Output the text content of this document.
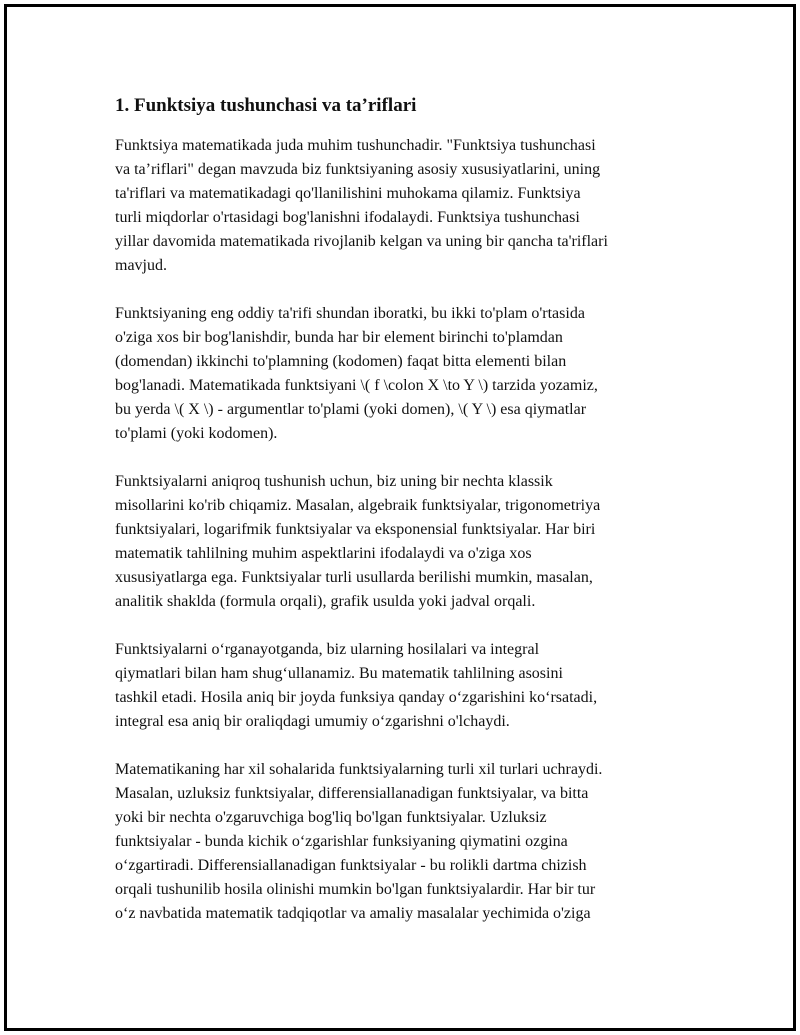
1. Funktsiya tushunchasi va ta’riflari

Funktsiya matematikada juda muhim tushunchadir. "Funktsiya tushunchasi
va ta’riflari" degan mavzuda biz funktsiyaning asosiy xususiyatlarini, uning
ta'riflari va matematikadagi qo'llanilishini muhokama qilamiz. Funktsiya
turli miqdorlar o'rtasidagi bog'lanishni ifodalaydi. Funktsiya tushunchasi
yillar davomida matematikada rivojlanib kelgan va uning bir qancha ta'riflari
mavjud.

Funktsiyaning eng oddiy ta'rifi shundan iboratki, bu ikki to'plam o'rtasida
o'ziga xos bir bog'lanishdir, bunda har bir element birinchi to'plamdan
(domendan) ikkinchi to'plamning (kodomen) faqat bitta elementi bilan
bog'lanadi. Matematikada funktsiyani \( f \colon X \to Y \) tarzida yozamiz,
bu yerda \( X \) - argumentlar to'plami (yoki domen), \( Y \) esa qiymatlar
to'plami (yoki kodomen).

Funktsiyalarni aniqroq tushunish uchun, biz uning bir nechta klassik
misollarini ko'rib chiqamiz. Masalan, algebraik funktsiyalar, trigonometriya
funktsiyalari, logarifmik funktsiyalar va eksponensial funktsiyalar. Har biri
matematik tahlilning muhim aspektlarini ifodalaydi va o'ziga xos
xususiyatlarga ega. Funktsiyalar turli usullarda berilishi mumkin, masalan,
analitik shaklda (formula orqali), grafik usulda yoki jadval orqali.

Funktsiyalarni o‘rganayotganda, biz ularning hosilalari va integral
qiymatlari bilan ham shug‘ullanamiz. Bu matematik tahlilning asosini
tashkil etadi. Hosila aniq bir joyda funksiya qanday o‘zgarishini ko‘rsatadi,
integral esa aniq bir oraliqdagi umumiy o‘zgarishni o'lchaydi.

Matematikaning har xil sohalarida funktsiyalarning turli xil turlari uchraydi.
Masalan, uzluksiz funktsiyalar, differensiallanadigan funktsiyalar, va bitta
yoki bir nechta o'zgaruvchiga bog'liq bo'lgan funktsiyalar. Uzluksiz
funktsiyalar - bunda kichik o‘zgarishlar funksiyaning qiymatini ozgina
o‘zgartiradi. Differensiallanadigan funktsiyalar - bu rolikli dartma chizish
orqali tushunilib hosila olinishi mumkin bo'lgan funktsiyalardir. Har bir tur
o‘z navbatida matematik tadqiqotlar va amaliy masalalar yechimida o'ziga
